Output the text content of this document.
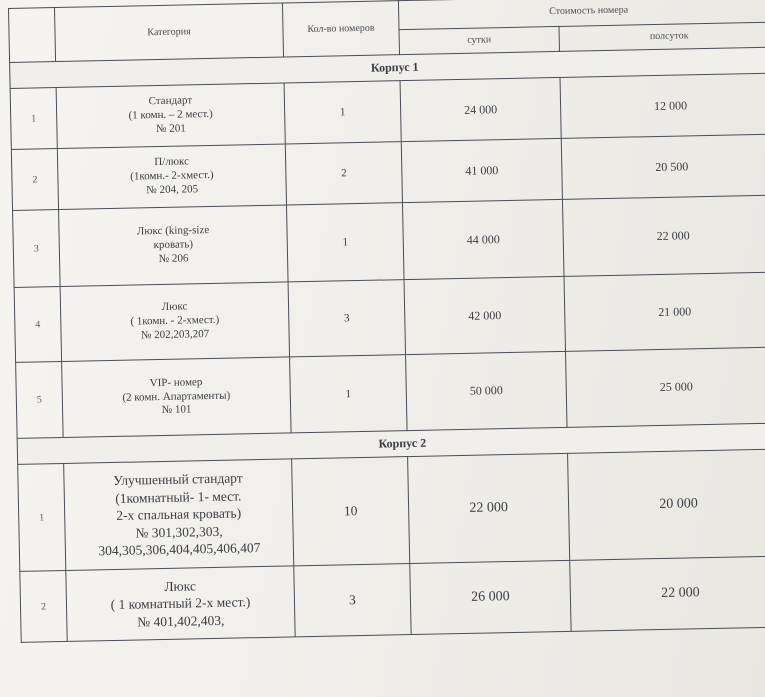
	Категория	Кол-во номеров	Стоимость номера	
			сутки	полсуток
Корпус 1				
1	Стандарт
(1 комн. – 2 мест.)
№ 201	1	24 000	12 000
2	П/люкс
(1комн.- 2-хмест.)
№ 204, 205	2	41 000	20 500
3	Люкс (king-size
кровать)
№ 206	1	44 000	22 000
4	Люкс
( 1комн. - 2-хмест.)
№ 202,203,207	3	42 000	21 000
5	VIP- номер
(2 комн. Апартаменты)
№ 101	1	50 000	25 000
Корпус 2				
1	Улучшенный стандарт
(1комнатный- 1- мест.
2-х спальная кровать)
№ 301,302,303,
304,305,306,404,405,406,407	10	22 000	20 000
2	Люкс
( 1 комнатный 2-х мест.)
№ 401,402,403,	3	26 000	22 000
